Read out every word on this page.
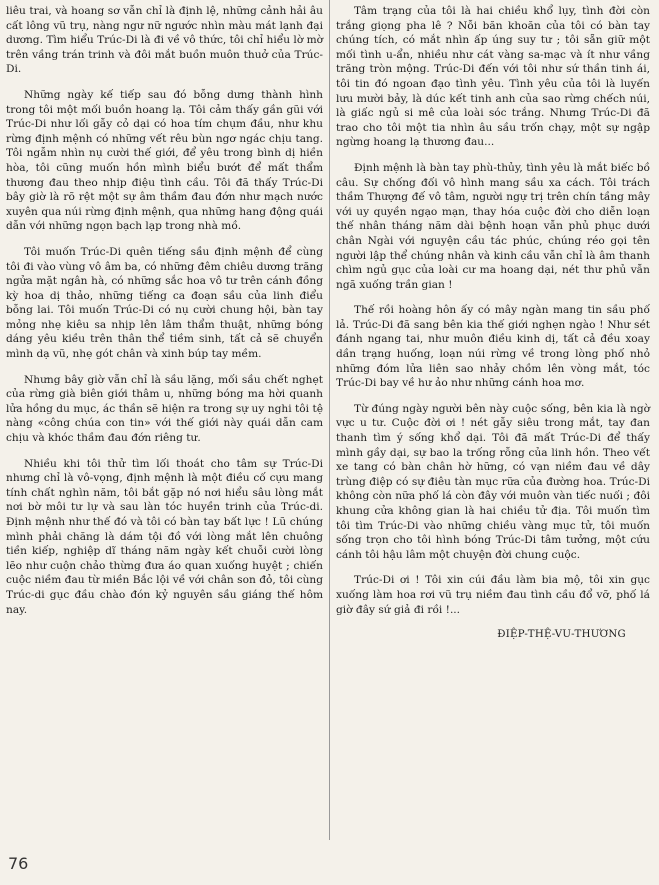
liêu trai, và hoang sơ vẫn chỉ là định lệ, những cảnh hải âu cất lông vũ trụ, nàng ngư nữ ngước nhìn màu mát lạnh đại dương. Tìm hiểu Trúc-Di là đi về vô thức, tôi chỉ hiểu lờ mờ trên vầng trán trinh và đôi mắt buồn muôn thuở của Trúc-Di.

Những ngày kế tiếp sau đó bỗng dưng thành hình trong tôi một mối buồn hoang lạ. Tôi cảm thấy gần gũi với Trúc-Di như lối gẫy cỏ dại có hoa tím chụm đầu, như khu rừng định mệnh có những vết rêu bùn ngơ ngác chịu tang. Tôi ngẫm nhìn nụ cười thế giới, để yêu trong bình dị hiền hòa, tôi cũng muốn hồn mình biểu bướt để mất thẩm thương đau theo nhịp điệu tình cầu. Tôi đã thấy Trúc-Di bây giờ là rõ rệt một sự âm thầm đau đớn như mạch nước xuyên qua núi rừng định mệnh, qua những hang động quái dẫn với những ngọn bạch lạp trong nhà mồ.

Tôi muốn Trúc-Di quên tiếng sầu định mệnh để cùng tôi đi vào vùng vô âm ba, có những đêm chiêu dương trăng ngửa mặt ngân hà, có những sắc hoa vô tư trên cánh đồng kỳ hoa dị thảo, những tiếng ca đoạn sầu của linh điểu bỗng lai. Tôi muốn Trúc-Di có nụ cười chung hội, bàn tay mỏng nhẹ kiêu sa nhịp lên lâm thẩm thuật, những bóng dáng yêu kiều trên thân thể tiềm sinh, tất cả sẽ chuyển mình dạ vũ, nhẹ gót chân và xinh búp tay mềm.

Nhưng bây giờ vẫn chỉ là sầu lặng, mối sầu chết nghẹt của rừng già biên giới thâm u, những bóng ma hời quanh lửa hồng du mục, ác thần sẽ hiện ra trong sự uy nghi tôi tệ nàng «công chúa con tin» với thế giới này quái dẫn cam chịu và khóc thầm đau đớn riêng tư.

Nhiều khi tôi thử tìm lối thoát cho tâm sự Trúc-Di nhưng chỉ là vô-vọng, định mệnh là một điều cố cựu mang tính chất nghìn năm, tôi bắt gặp nó nơi hiểu sâu lòng mắt nơi bờ môi tư lự và sau làn tóc huyền trinh của Trúc-di. Định mệnh như thế đó và tôi có bàn tay bất lực ! Lũ chúng mình phải chăng là dám tội đồ với lòng mắt lên chuông tiền kiếp, nghiệp dĩ tháng năm ngày kết chuỗi cười lòng lẽo như cuộn chảo thừng đưa áo quan xuống huyệt ; chiến cuộc niềm đau từ miền Bắc lội về với chân son đỏ, tôi cùng Trúc-di gục đầu chào đón kỷ nguyên sầu giáng thế hôm nay.

Tâm trạng của tôi là hai chiều khổ lụy, tình đời còn trắng giọng pha lê ? Nỗi băn khoăn của tôi có bàn tay chúng tích, có mắt nhìn ấp úng suy tư ; tôi sẵn giữ một mối tình u-ẩn, nhiều như cát vàng sa-mạc và ít như vầng trăng tròn mộng. Trúc-Di đến với tôi như sứ thần tinh ái, tôi tin đó ngoan đạo tình yêu. Tình yêu của tôi là luyến lưu mười bảy, là dúc kết tinh anh của sao rừng chếch núi, là giấc ngủ si mê của loài sóc trắng. Nhưng Trúc-Di đã trao cho tôi một tia nhìn âu sầu trốn chạy, một sự ngập ngừng hoang lạ thương đau...

Định mệnh là bàn tay phù-thủy, tình yêu là mắt biếc bồ câu. Sự chống đối vô hình mang sầu xa cách. Tôi trách thầm Thượng đế vô tâm, người ngự trị trên chín tầng mây với uy quyền ngạo mạn, thay hóa cuộc đời cho diễn loạn thế nhân tháng năm dài bệnh hoạn vẫn phủ phục dưới chân Ngài với nguyện cầu tác phúc, chúng réo gọi tên người lập thể chúng nhân và kinh cầu vẫn chỉ là âm thanh chìm ngủ gục của loài cư ma hoang dại, nét thư phủ vẫn ngã xuống trần gian !

Thế rồi hoàng hôn ấy có mây ngàn mang tin sầu phố lả. Trúc-Di đã sang bên kia thế giới nghẹn ngào ! Như sét đánh ngang tai, như muôn điều kinh dị, tất cả đều xoay dần trạng huống, loạn núi rừng về trong lòng phố nhỏ những đóm lửa liên sao nhảy chồm lên vòng mắt, tóc Trúc-Di bay về hư ảo như những cánh hoa mơ.

Từ đúng ngày người bên này cuộc sống, bên kia là ngờ vực u tư. Cuộc đời ơi ! nét gẫy siêu trong mắt, tay đan thanh tìm ý sống khổ dại. Tôi đã mất Trúc-Di để thấy mình gầy dại, sự bao la trống rỗng của linh hồn. Theo vết xe tang có bàn chân hờ hững, có vạn niềm đau về dây trùng điệp có sự điêu tàn mục rữa của đường hoa. Trúc-Di không còn nữa phố lá còn đây với muôn vàn tiếc nuối ; đôi khung cửa không gian là hai chiều tử địa. Tôi muốn tìm tôi tìm Trúc-Di vào những chiều vàng mục tử, tôi muốn sống trọn cho tôi hình bóng Trúc-Di tâm tưởng, một cứu cánh tôi hậu lâm một chuyện đời chung cuộc.

Trúc-Di ơi ! Tôi xin cúi đầu làm bia mộ, tôi xin gục xuống làm hoa rơi vũ trụ niềm đau tình cầu đổ vỡ, phố lá giờ đây sứ giả đi rồi !...

ĐIỆP-THỆ-VU-THƯƠNG
76
